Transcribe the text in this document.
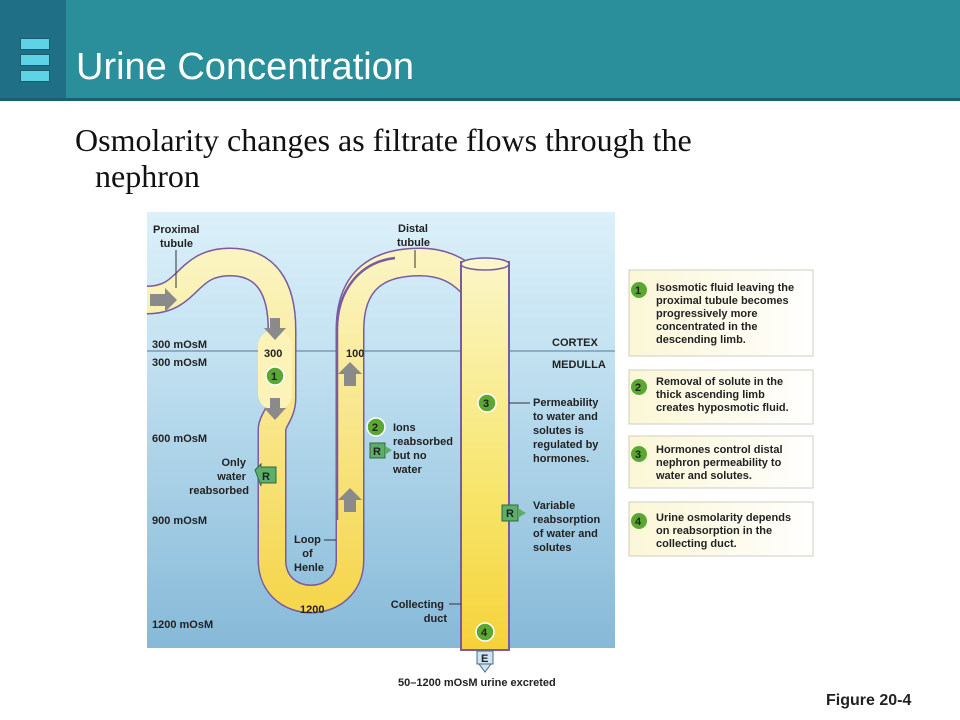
Urine Concentration
Osmolarity changes as filtrate flows through the
nephron
R
R
R
E
1
2
3
4
Proximal tubule
Distal tubule
CORTEX
MEDULLA
300 mOsM
300 mOsM
600 mOsM
900 mOsM
1200 mOsM
300	100
1200
Only water reabsorbed
Ions reabsorbed but no water
Permeability to water and solutes is regulated by hormones.
Variable reabsorption of water and solutes
Loop of Henle
Collecting duct
50–1200 mOsM urine excreted
1 Isosmotic fluid leaving the proximal tubule becomes progressively more concentrated in the descending limb.
2 Removal of solute in the thick ascending limb creates hyposmotic fluid.
3 Hormones control distal nephron permeability to water and solutes.
4 Urine osmolarity depends on reabsorption in the collecting duct.
Figure 20-4
